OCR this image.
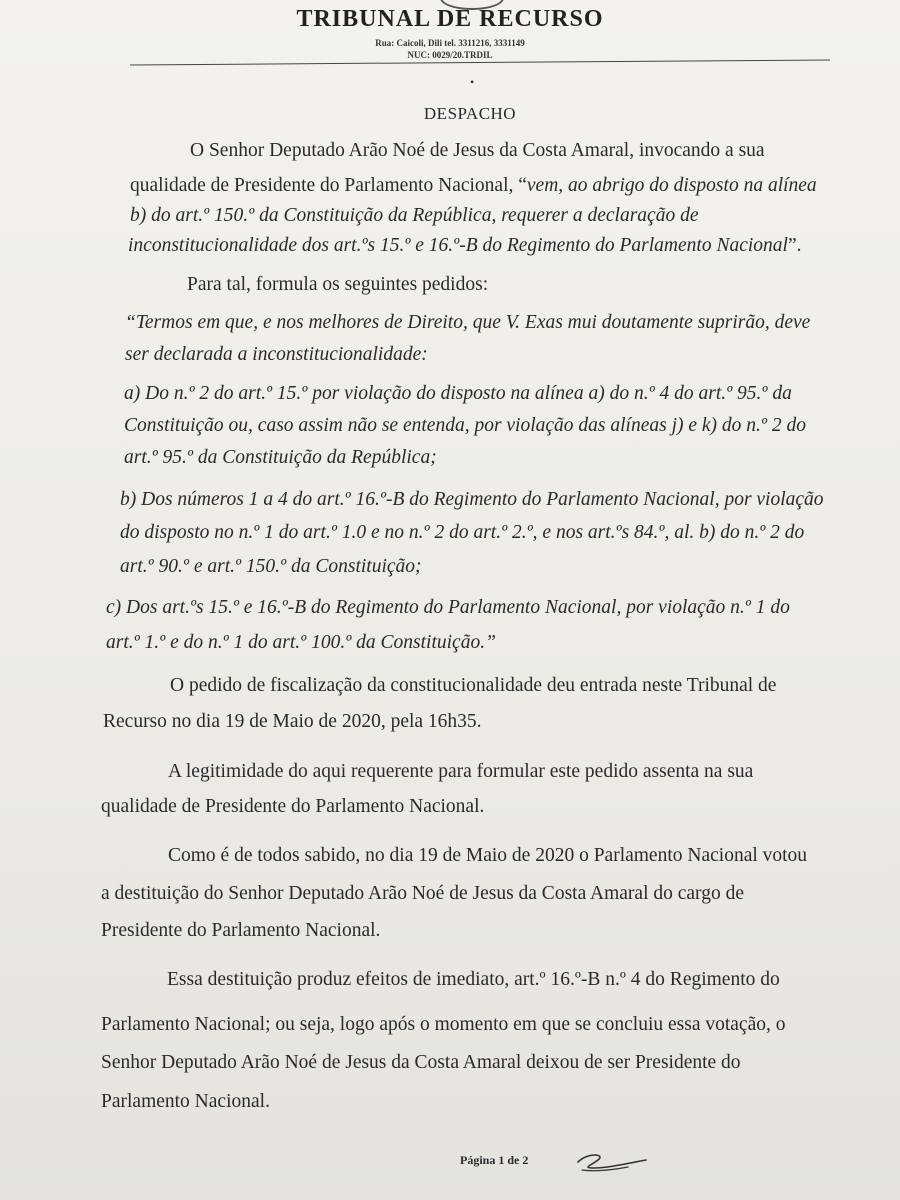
TRIBUNAL DE RECURSO
Rua: Caicoli, Dili tel. 3311216, 3331149
NUC: 0029/20.TRDIL
•
DESPACHO
O Senhor Deputado Arão Noé de Jesus da Costa Amaral, invocando a sua
qualidade de Presidente do Parlamento Nacional, “vem, ao abrigo do disposto na alínea
b) do art.º 150.º da Constituição da República, requerer a declaração de
inconstitucionalidade dos art.ºs 15.º e 16.º-B do Regimento do Parlamento Nacional”.
Para tal, formula os seguintes pedidos:
“Termos em que, e nos melhores de Direito, que V. Exas mui doutamente suprirão, deve
ser declarada a inconstitucionalidade:
a) Do n.º 2 do art.º 15.º por violação do disposto na alínea a) do n.º 4 do art.º 95.º da
Constituição ou, caso assim não se entenda, por violação das alíneas j) e k) do n.º 2 do
art.º 95.º da Constituição da República;
b) Dos números 1 a 4 do art.º 16.º-B do Regimento do Parlamento Nacional, por violação
do disposto no n.º 1 do art.º 1.0 e no n.º 2 do art.º 2.º, e nos art.ºs 84.º, al. b) do n.º 2 do
art.º 90.º e art.º 150.º da Constituição;
c) Dos art.ºs 15.º e 16.º-B do Regimento do Parlamento Nacional, por violação n.º 1 do
art.º 1.º e do n.º 1 do art.º 100.º da Constituição.”
O pedido de fiscalização da constitucionalidade deu entrada neste Tribunal de
Recurso no dia 19 de Maio de 2020, pela 16h35.
A legitimidade do aqui requerente para formular este pedido assenta na sua
qualidade de Presidente do Parlamento Nacional.
Como é de todos sabido, no dia 19 de Maio de 2020 o Parlamento Nacional votou
a destituição do Senhor Deputado Arão Noé de Jesus da Costa Amaral do cargo de
Presidente do Parlamento Nacional.
Essa destituição produz efeitos de imediato, art.º 16.º-B n.º 4 do Regimento do
Parlamento Nacional; ou seja, logo após o momento em que se concluiu essa votação, o
Senhor Deputado Arão Noé de Jesus da Costa Amaral deixou de ser Presidente do
Parlamento Nacional.
Página 1 de 2
